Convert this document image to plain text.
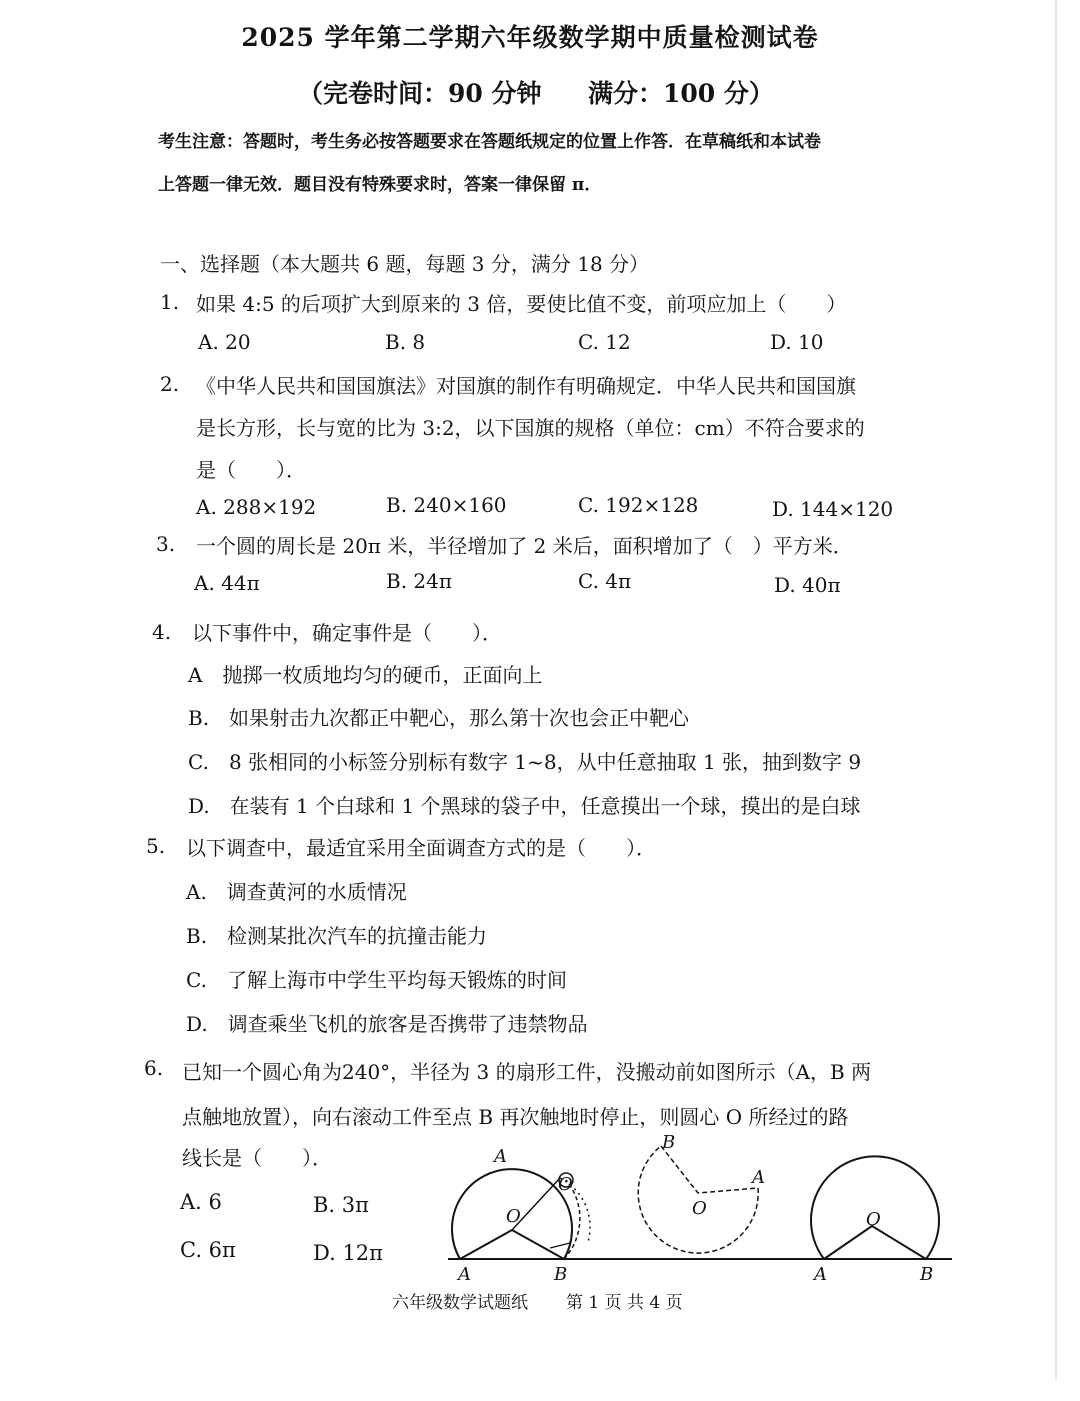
2025 学年第二学期六年级数学期中质量检测试卷
（完卷时间：90 分钟 满分：100 分）
考生注意：答题时，考生务必按答题要求在答题纸规定的位置上作答．在草稿纸和本试卷
上答题一律无效．题目没有特殊要求时，答案一律保留 π．
一、选择题（本大题共 6 题，每题 3 分，满分 18 分）
1. 如果 4:5 的后项扩大到原来的 3 倍，要使比值不变，前项应加上（　　）
A. 20	B. 8	C. 12	D. 10
2. 《中华人民共和国国旗法》对国旗的制作有明确规定．中华人民共和国国旗
是长方形，长与宽的比为 3:2，以下国旗的规格（单位：cm）不符合要求的
是（　　）．
A. 288×192	B. 240×160	C. 192×128	D. 144×120
3. 一个圆的周长是 20π 米，半径增加了 2 米后，面积增加了（　）平方米．
A. 44π	B. 24π	C. 4π	D. 40π
4. 以下事件中，确定事件是（　　）．
A　抛掷一枚质地均匀的硬币，正面向上
B.　如果射击九次都正中靶心，那么第十次也会正中靶心
C.　8 张相同的小标签分别标有数字 1~8，从中任意抽取 1 张，抽到数字 9
D.　在装有 1 个白球和 1 个黑球的袋子中，任意摸出一个球，摸出的是白球
5. 以下调查中，最适宜采用全面调查方式的是（　　）．
A.　调查黄河的水质情况
B.　检测某批次汽车的抗撞击能力
C.　了解上海市中学生平均每天锻炼的时间
D.　调查乘坐飞机的旅客是否携带了违禁物品
6. 已知一个圆心角为240°，半径为 3 的扇形工件，没搬动前如图所示（A，B 两
点触地放置），向右滚动工件至点 B 再次触地时停止，则圆心 O 所经过的路
线长是（　　）．
A. 6	B. 3π
C. 6π	D. 12π
A
O
A	B
O
B
A
O
O
A	B
六年级数学试题纸 第 1 页 共 4 页
